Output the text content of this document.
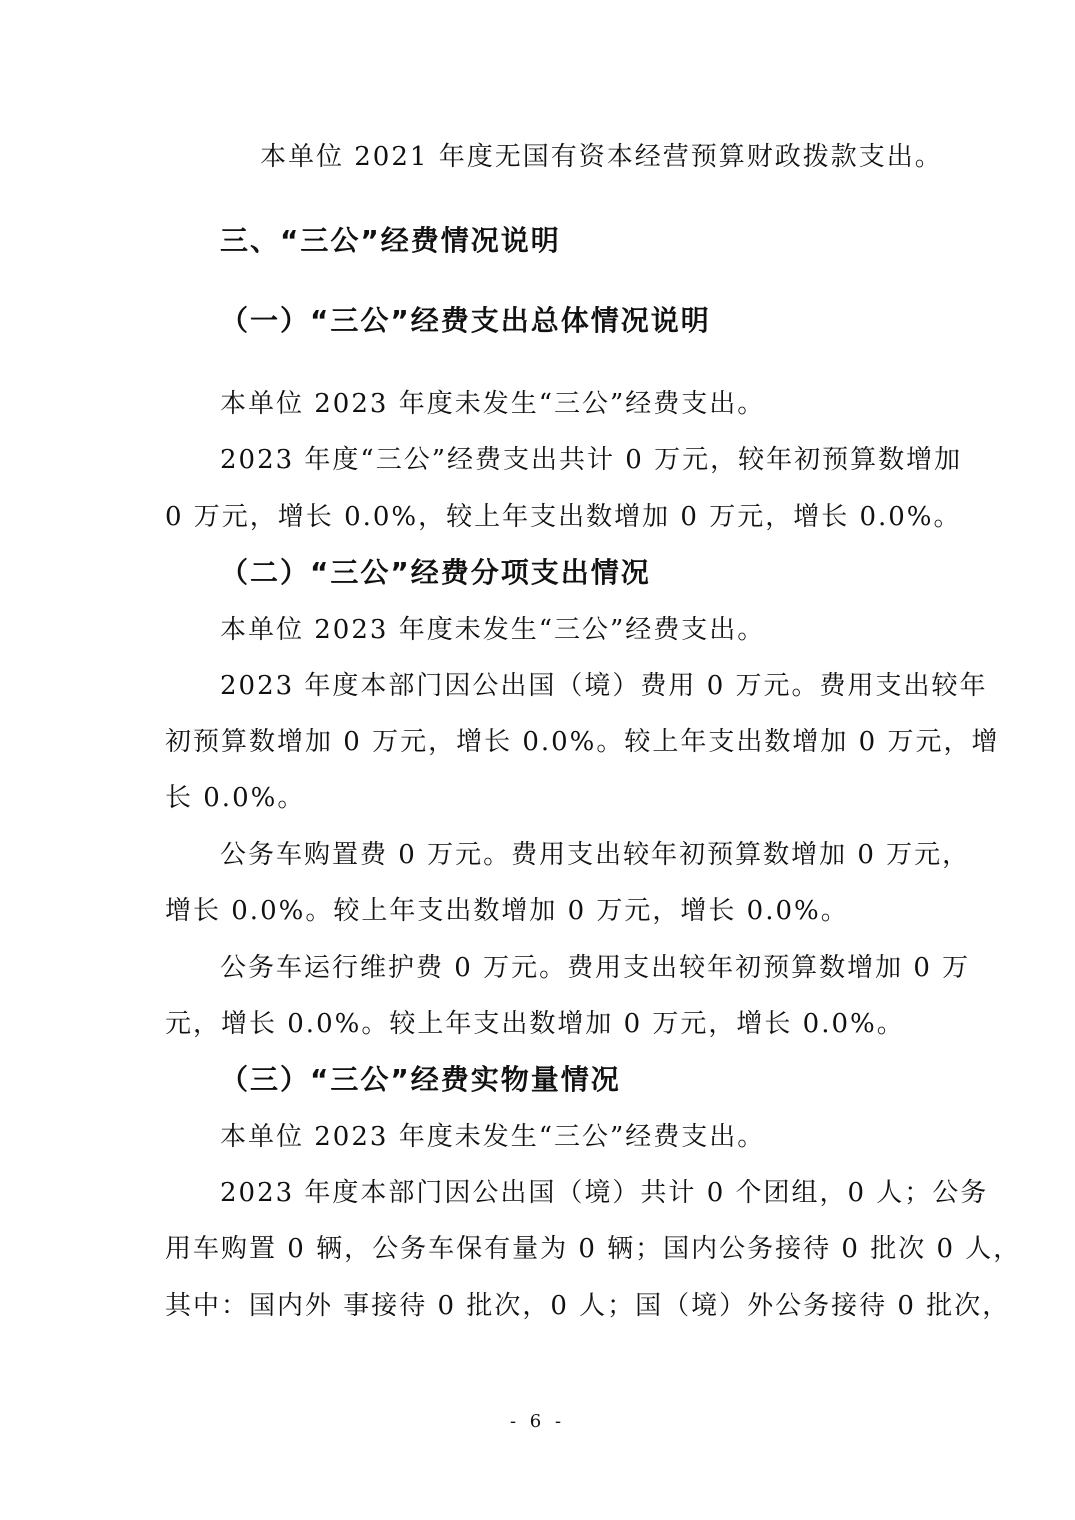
本单位 2021 年度无国有资本经营预算财政拨款支出。
三、“三公”经费情况说明
（一）“三公”经费支出总体情况说明
本单位 2023 年度未发生“三公”经费支出。
2023 年度“三公”经费支出共计 0 万元，较年初预算数增加
0 万元，增长 0.0%，较上年支出数增加 0 万元，增长 0.0%。
（二）“三公”经费分项支出情况
本单位 2023 年度未发生“三公”经费支出。
2023 年度本部门因公出国（境）费用 0 万元。费用支出较年
初预算数增加 0 万元，增长 0.0%。较上年支出数增加 0 万元，增
长 0.0%。
公务车购置费 0 万元。费用支出较年初预算数增加 0 万元，
增长 0.0%。较上年支出数增加 0 万元，增长 0.0%。
公务车运行维护费 0 万元。费用支出较年初预算数增加 0 万
元，增长 0.0%。较上年支出数增加 0 万元，增长 0.0%。
（三）“三公”经费实物量情况
本单位 2023 年度未发生“三公”经费支出。
2023 年度本部门因公出国（境）共计 0 个团组，0 人；公务
用车购置 0 辆，公务车保有量为 0 辆；国内公务接待 0 批次 0 人，
其中：国内外 事接待 0 批次，0 人；国（境）外公务接待 0 批次，
- 6 -
